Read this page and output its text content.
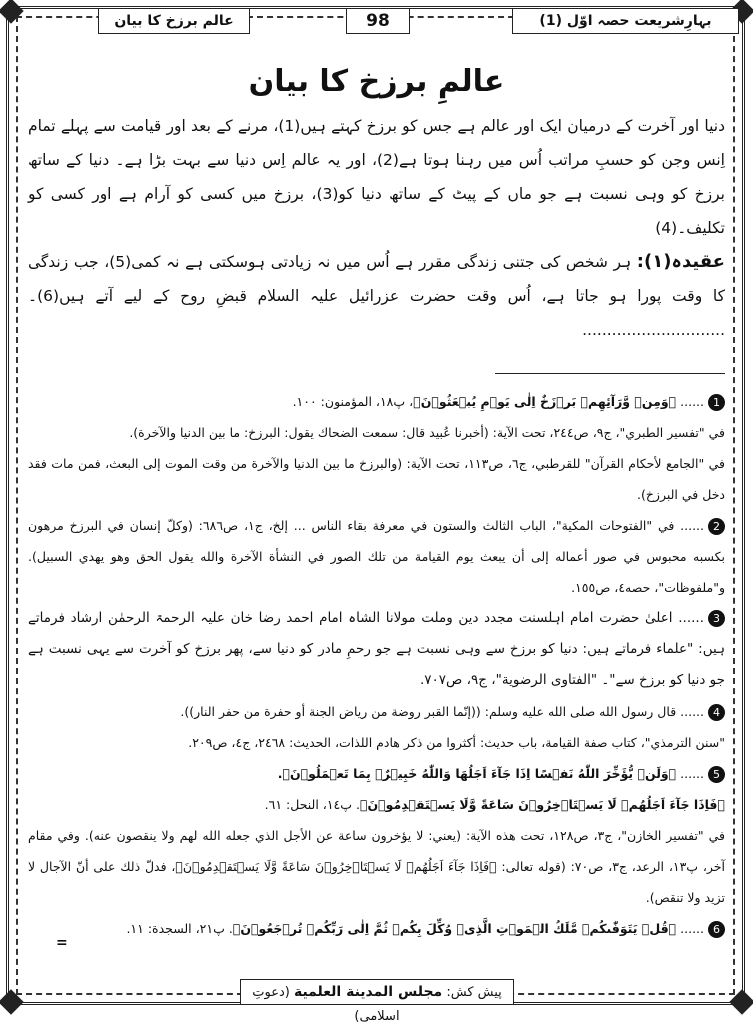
بہارِشریعت حصہ اوّل (1)
98
عالم برزخ کا بیان
عالمِ برزخ کا بیان
دنیا اور آخرت کے درمیان ایک اور عالم ہے جس کو برزخ کہتے ہیں(1)، مرنے کے بعد اور قیامت سے پہلے تمام اِنس وجن کو حسبِ مراتب اُس میں رہنا ہوتا ہے(2)، اور یہ عالم اِس دنیا سے بہت بڑا ہے۔ دنیا کے ساتھ برزخ کو وہی نسبت ہے جو ماں کے پیٹ کے ساتھ دنیا کو(3)، برزخ میں کسی کو آرام ہے اور کسی کو تکلیف۔(4)
عقیدہ(۱): ہر شخص کی جتنی زندگی مقرر ہے اُس میں نہ زیادتی ہوسکتی ہے نہ کمی(5)، جب زندگی کا وقت پورا ہو جاتا ہے، اُس وقت حضرت عزرائیل علیہ السلام قبضِ روح کے لیے آتے ہیں(6)۔ .............................

1...... ﴿وَمِنۡ وَّرَآئِهِمۡ بَرۡزَخٌ اِلٰى يَوۡمِ يُبۡعَثُوۡنَ﴾، پ١٨، المؤمنون: ١٠٠.

في "تفسير الطبري"، ج٩، ص٢٤٤، تحت الآية: (أخبرنا عُبيد قال: سمعت الضحاك يقول: البرزخ: ما بين الدنيا والآخرة).

في "الجامع لأحكام القرآن" للقرطبي، ج٦، ص١١٣، تحت الآية: (والبرزخ ما بين الدنيا والآخرة من وقت الموت إلى البعث، فمن مات فقد دخل في البرزخ).

2...... في "الفتوحات المكية"، الباب الثالث والستون في معرفة بقاء الناس ... إلخ، ج١، ص٦٨٦: (وكلّ إنسان في البرزخ مرهون بكسبه محبوس في صور أعماله إلى أن يبعث يوم القيامة من تلك الصور في النشأة الآخرة والله يقول الحق وهو يهدي السبيل). و"ملفوظات"، حصه٤، ص١٥٥.

3...... اعلیٰ حضرت امام اہلسنت مجدد دین وملت مولانا الشاہ امام احمد رضا خان علیہ الرحمۃ الرحمٰن ارشاد فرماتے ہیں: "علماء فرماتے ہیں: دنیا کو برزخ سے وہی نسبت ہے جو رحمِ مادر کو دنیا سے، پھر برزخ کو آخرت سے یہی نسبت ہے جو دنیا کو برزخ سے"۔ "الفتاوى الرضوية"، ج٩، ص٧٠٧.

4...... قال رسول الله صلى الله عليه وسلم: ((إنّما القبر روضة من رياض الجنة أو حفرة من حفر النار)).

"سنن الترمذي"، كتاب صفة القيامة، باب حديث: أكثروا من ذكر هادم اللذات، الحديث: ٢٤٦٨، ج٤، ص٢٠٩.

5...... ﴿وَلَنۡ يُّؤَخِّرَ اللّٰهُ نَفۡسًا اِذَا جَآءَ اَجَلُهَا وَاللّٰهُ خَبِيۡرٌۢ بِمَا تَعۡمَلُوۡنَ﴾.

﴿فَاِذَا جَآءَ اَجَلُهُمۡ لَا يَسۡتَاۡخِرُوۡنَ سَاعَةً وَّلَا يَسۡتَقۡدِمُوۡنَ﴾. پ١٤، النحل: ٦١.

في "تفسير الخازن"، ج٣، ص١٢٨، تحت هذه الآية: (يعني: لا يؤخرون ساعة عن الأجل الذي جعله الله لهم ولا ينقصون عنه). وفي مقام آخر، پ١٣، الرعد، ج٣، ص٧٠: (قوله تعالى: ﴿فَاِذَا جَآءَ اَجَلُهُمۡ لَا يَسۡتَاۡخِرُوۡنَ سَاعَةً وَّلَا يَسۡتَقۡدِمُوۡنَ﴾، فدلّ ذلك على أنّ الآجال لا تزيد ولا تنقص).

6...... ﴿قُلۡ يَتَوَفّٰىكُمۡ مَّلَكُ الۡمَوۡتِ الَّذِىۡ وُكِّلَ بِكُمۡ ثُمَّ اِلٰى رَبِّكُمۡ تُرۡجَعُوۡنَ﴾. پ٢١، السجدة: ١١.

=
پیش کش: مجلس المدينة العلمية (دعوتِ اسلامی)
